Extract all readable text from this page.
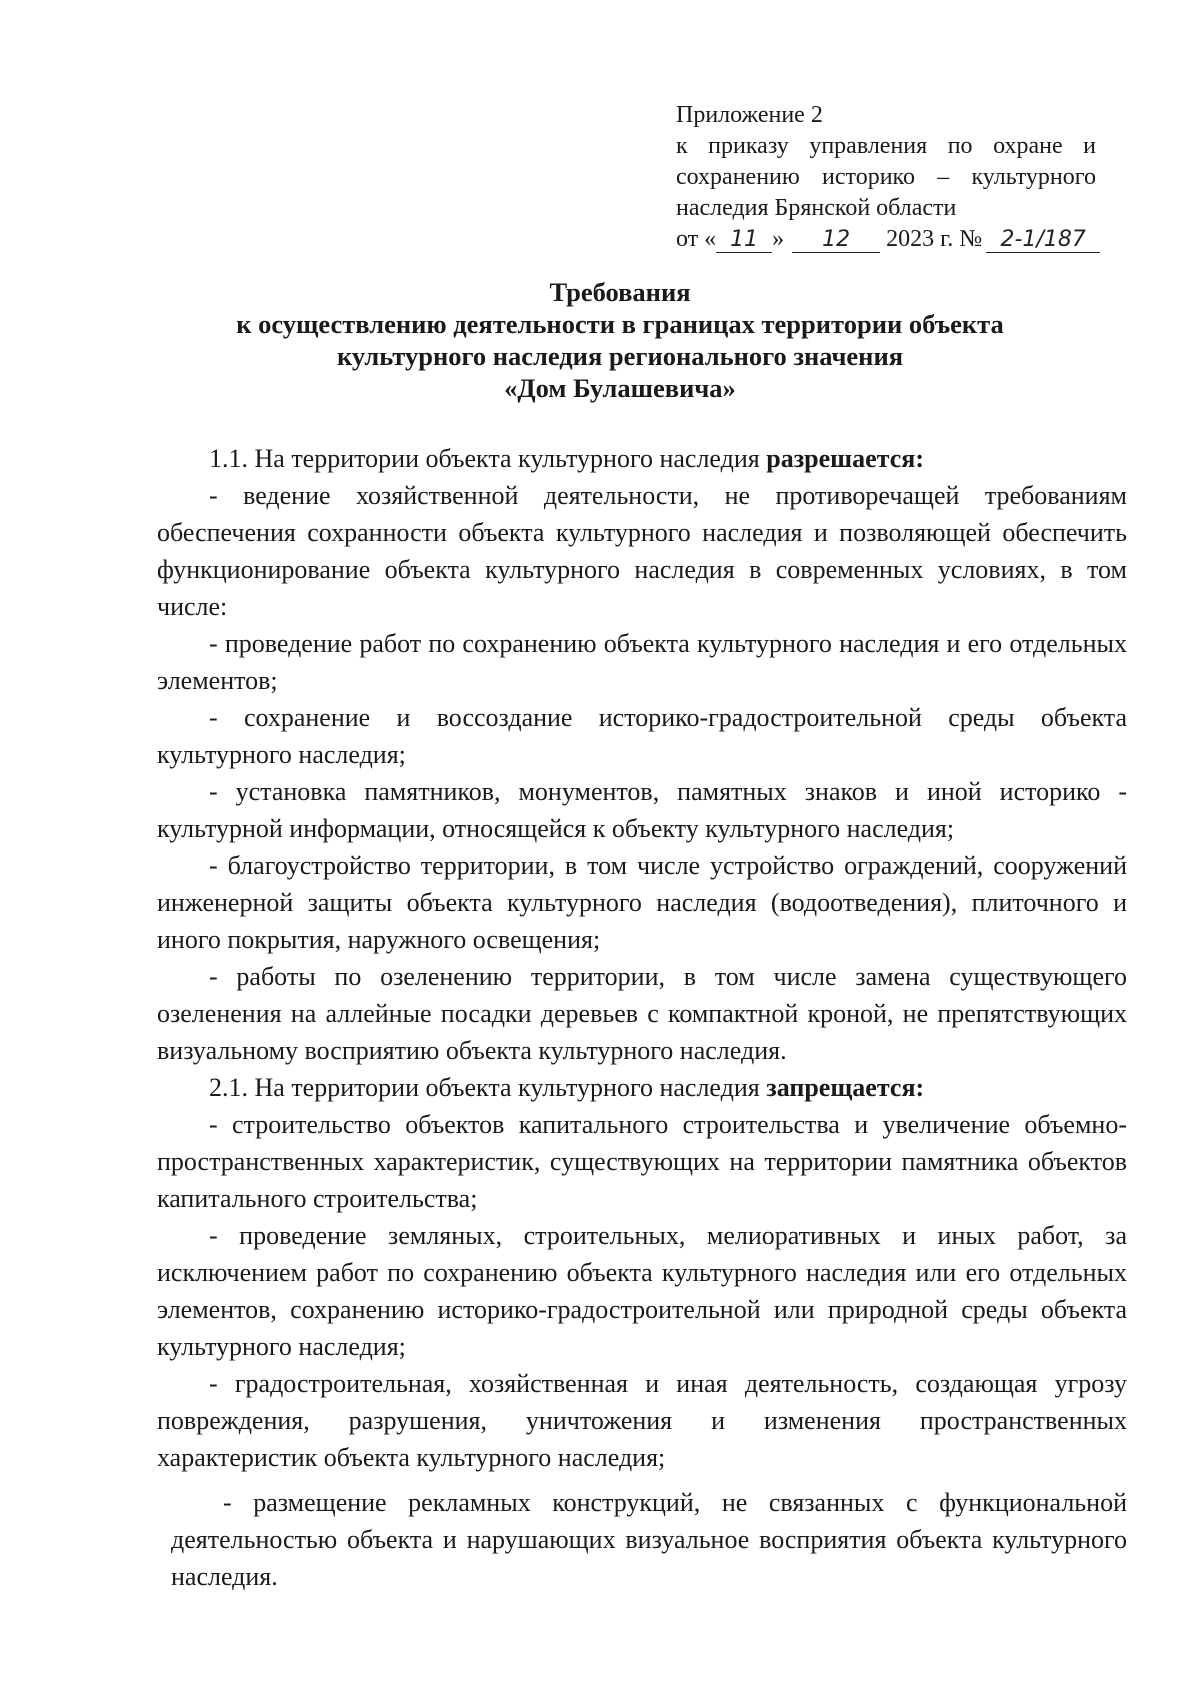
Приложение 2
к приказу управления по охране и
сохранению историко – культурного
наследия Брянской области
от « 11 » 12 2023 г. № 2-1/187
Требования
к осуществлению деятельности в границах территории объекта
культурного наследия регионального значения
«Дом Булашевича»

1.1. На территории объекта культурного наследия разрешается:

- ведение хозяйственной деятельности, не противоречащей требованиям обеспечения сохранности объекта культурного наследия и позволяющей обеспечить функционирование объекта культурного наследия в современных условиях, в том числе:

- проведение работ по сохранению объекта культурного наследия и его отдельных элементов;

- сохранение и воссоздание историко-градостроительной среды объекта культурного наследия;

- установка памятников, монументов, памятных знаков и иной историко - культурной информации, относящейся к объекту культурного наследия;

- благоустройство территории, в том числе устройство ограждений, сооружений инженерной защиты объекта культурного наследия (водоотведения), плиточного и иного покрытия, наружного освещения;

- работы по озеленению территории, в том числе замена существующего озеленения на аллейные посадки деревьев с компактной кроной, не препятствующих визуальному восприятию объекта культурного наследия.

2.1. На территории объекта культурного наследия запрещается:

- строительство объектов капитального строительства и увеличение объемно-пространственных характеристик, существующих на территории памятника объектов капитального строительства;

- проведение земляных, строительных, мелиоративных и иных работ, за исключением работ по сохранению объекта культурного наследия или его отдельных элементов, сохранению историко-градостроительной или природной среды объекта культурного наследия;

- градостроительная, хозяйственная и иная деятельность, создающая угрозу повреждения, разрушения, уничтожения и изменения пространственных характеристик объекта культурного наследия;

- размещение рекламных конструкций, не связанных с функциональной деятельностью объекта и нарушающих визуальное восприятия объекта культурного наследия.
